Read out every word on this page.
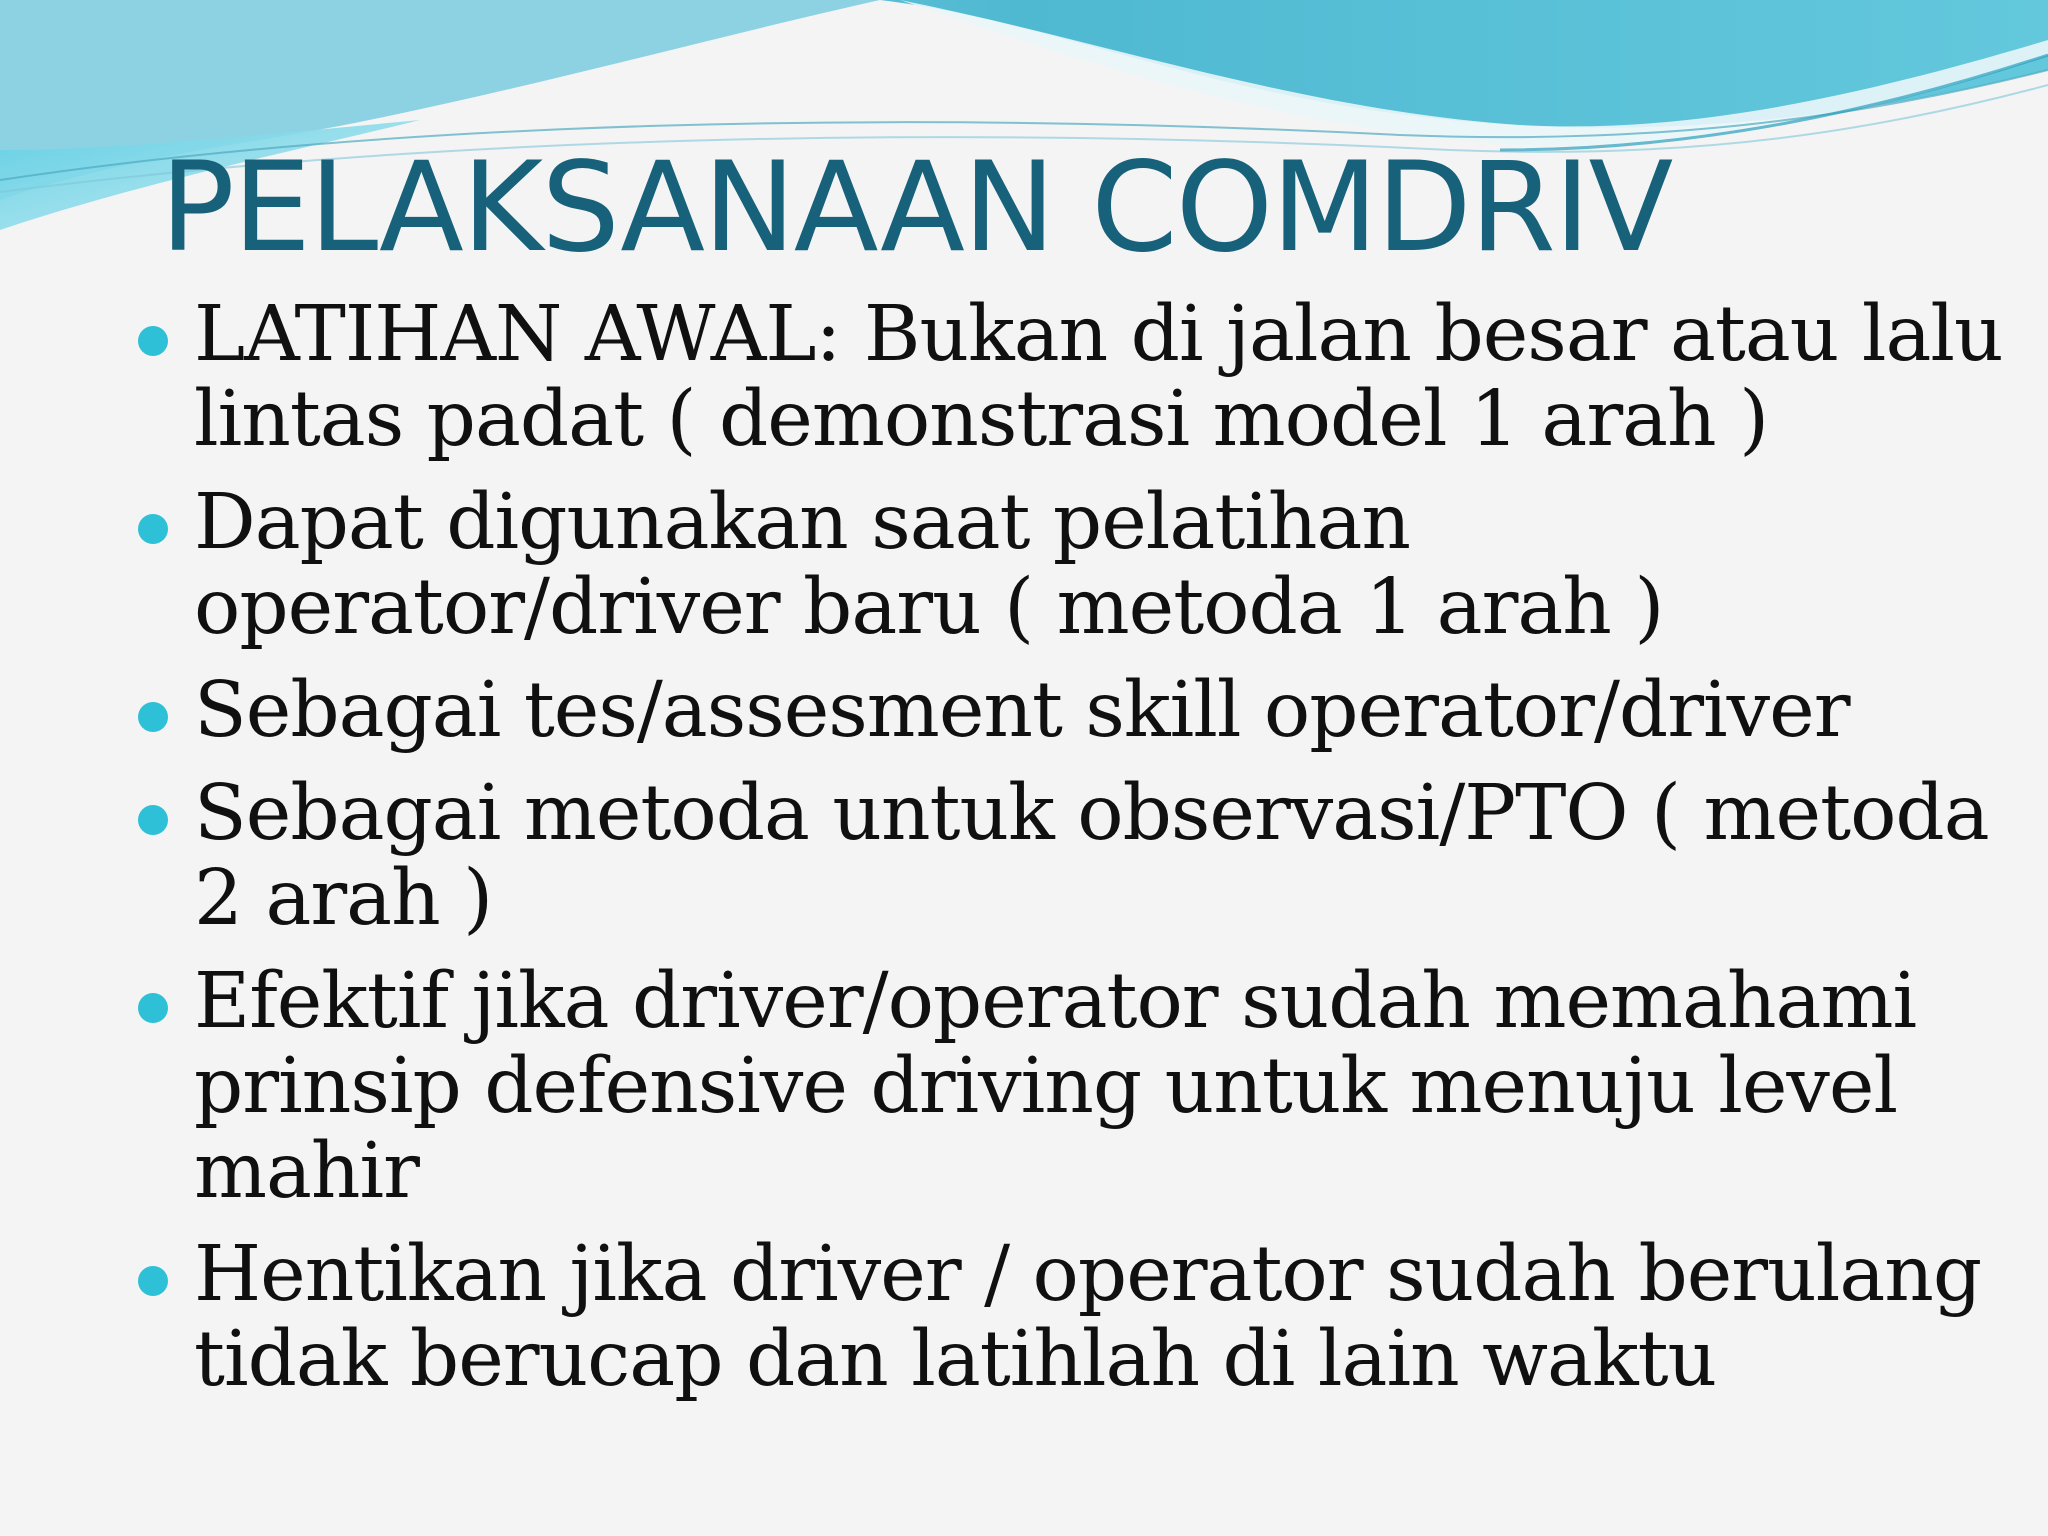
PELAKSANAAN COMDRIV
LATIHAN AWAL: Bukan di jalan besar atau lalu lintas padat ( demonstrasi model 1 arah )
Dapat digunakan saat pelatihan operator/driver baru ( metoda 1 arah )
Sebagai tes/assesment skill operator/driver
Sebagai metoda untuk observasi/PTO ( metoda 2 arah )
Efektif jika driver/operator sudah memahami prinsip defensive driving untuk menuju level mahir
Hentikan jika driver / operator sudah berulang tidak berucap dan latihlah di lain waktu
